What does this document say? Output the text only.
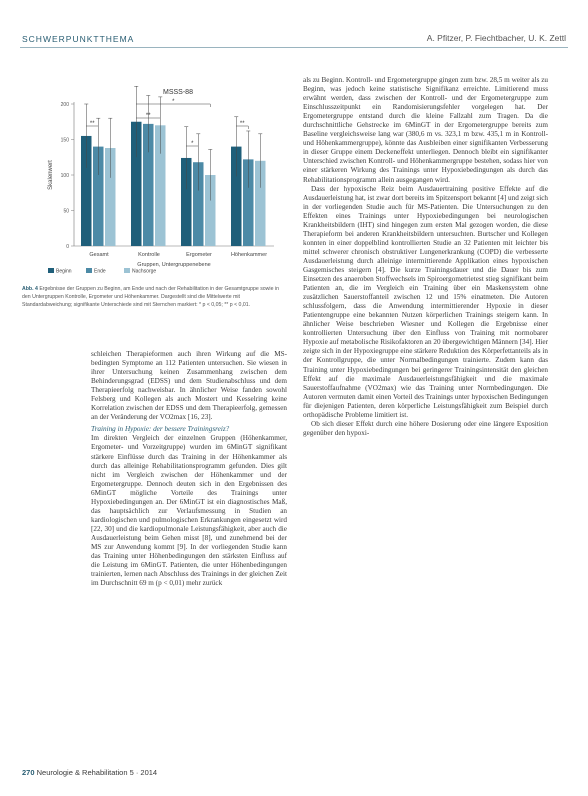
SCHWERPUNKTTHEMA	A. Pfitzer, P. Fiechtbacher, U. K. Zettl
MSSS-88
0
50
100
150
200
Skalenwert
Gesamt	Kontrolle	Ergometer	Höhenkammer
Gruppen, Untergruppenebene
**
**
*
*
**
Beginn	Ende	Nachsorge
Abb. 4 Ergebnisse der Gruppen zu Beginn, am Ende und nach der Rehabilitation in der Gesamtgruppe sowie in den Untergruppen Kontrolle, Ergometer und Höhenkammer. Dargestellt sind die Mittelwerte mit Standardabweichung; signifikante Unterschiede sind mit Sternchen markiert: * p < 0,05; ** p < 0,01.

schleichen Therapieformen auch ihren Wirkung auf die MS-bedingten Symptome an 112 Patienten untersuchen. Sie wiesen in ihrer Untersuchung keinen Zusammenhang zwischen dem Behinderungsgrad (EDSS) und dem Studienabschluss und dem Therapieerfolg nachweisbar. In ähnlicher Weise fanden sowohl Felsberg und Kollegen als auch Mostert und Kesselring keine Korrelation zwischen der EDSS und dem Therapieerfolg, gemessen an der Veränderung der VO2max [16, 23].

Training in Hypoxie: der bessere Trainingsreiz?

Im direkten Vergleich der einzelnen Gruppen (Höhenkammer, Ergometer- und Vorzeitgruppe) wurden im 6MinGT signifikant stärkere Einflüsse durch das Training in der Höhenkammer als durch das alleinige Rehabilitationsprogramm gefunden. Dies gilt nicht im Vergleich zwischen der Höhenkammer und der Ergometergruppe. Dennoch deuten sich in den Ergebnissen des 6MinGT mögliche Vorteile des Trainings unter Hypoxiebedingungen an. Der 6MinGT ist ein diagnostisches Maß, das hauptsächlich zur Verlaufsmessung in Studien an kardiologischen und pulmologischen Erkrankungen eingesetzt wird [22, 30] und die kardiopulmonale Leistungsfähigkeit, aber auch die Ausdauerleistung beim Gehen misst [8], und zunehmend bei der MS zur Anwendung kommt [9]. In der vorliegenden Studie kann das Training unter Höhenbedingungen den stärksten Einfluss auf die Leistung im 6MinGT. Patienten, die unter Höhenbedingungen trainierten, lernen nach Abschluss des Trainings in der gleichen Zeit im Durchschnitt 69 m (p < 0,01) mehr zurück

als zu Beginn. Kontroll- und Ergometergruppe gingen zum bzw. 28,5 m weiter als zu Beginn, was jedoch keine statistische Signifikanz erreichte. Limitierend muss erwähnt werden, dass zwischen der Kontroll- und der Ergometergruppe zum Einschlusszeitpunkt ein Randomisierungsfehler vorgelegen hat. Der Ergometergruppe entstand durch die kleine Fallzahl zum Tragen. Da die durchschnittliche Gehstrecke im 6MinGT in der Ergometergruppe bereits zum Baseline vergleichsweise lang war (380,6 m vs. 323,1 m bzw. 435,1 m in Kontroll- und Höhenkammergruppe), könnte das Ausbleiben einer signifikanten Verbesserung in dieser Gruppe einem Deckeneffekt unterliegen. Dennoch bleibt ein signifikanter Unterschied zwischen Kontroll- und Höhenkammergruppe bestehen, sodass hier von einer stärkeren Wirkung des Trainings unter Hypoxiebedingungen als durch das Rehabilitationsprogramm allein ausgegangen wird.

Dass der hypoxische Reiz beim Ausdauertraining positive Effekte auf die Ausdauerleistung hat, ist zwar dort bereits im Spitzensport bekannt [4] und zeigt sich in der vorliegenden Studie auch für MS-Patienten. Die Untersuchungen zu den Effekten eines Trainings unter Hypoxiebedingungen bei neurologischen Krankheitsbildern (IHT) sind hingegen zum ersten Mal gezogen worden, die diese Therapieform bei anderen Krankheitsbildern untersuchten. Burtscher und Kollegen konnten in einer doppelblind kontrollierten Studie an 32 Patienten mit leichter bis mittel schwerer chronisch obstruktiver Lungenerkrankung (COPD) die verbesserte Ausdauerleistung durch alleinige intermittierende Applikation eines hypoxischen Gasgemisches steigern [4]. Die kurze Trainingsdauer und die Dauer bis zum Einsetzen des anaeroben Stoffwechsels im Spiroergometrietest stieg signifikant beim Patienten an, die im Vergleich ein Training über ein Maskensystem ohne zusätzlichen Sauerstoffanteil zwischen 12 und 15% einatmeten. Die Autoren schlussfolgern, dass die Anwendung intermittierender Hypoxie in dieser Patientengruppe eine bekannten Nutzen körperlichen Trainings steigern kann. In ähnlicher Weise beschrieben Wiesner und Kollegen die Ergebnisse einer kontrollierten Untersuchung über den Einfluss von Training mit normobarer Hypoxie auf metabolische Risikofaktoren an 20 übergewichtigen Männern [34]. Hier zeigte sich in der Hypoxiegruppe eine stärkere Reduktion des Körperfettanteils als in der Kontrollgruppe, die unter Normalbedingungen trainierte. Zudem kann das Training unter Hypoxiebedingungen bei geringerer Trainingsintensität den gleichen Effekt auf die maximale Ausdauerleistungsfähigkeit und die maximale Sauerstoffaufnahme (VO2max) wie das Training unter Normbedingungen. Die Autoren vermuten damit einen Vorteil des Trainings unter hypoxischen Bedingungen für diejenigen Patienten, deren körperliche Leistungsfähigkeit zum Beispiel durch orthopädische Probleme limitiert ist.

Ob sich dieser Effekt durch eine höhere Dosierung oder eine längere Exposition gegenüber den hypoxi-

270 Neurologie & Rehabilitation 5 · 2014
